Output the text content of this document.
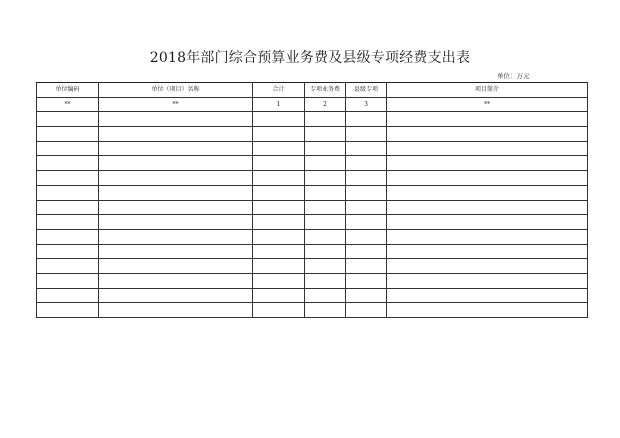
2018年部门综合预算业务费及县级专项经费支出表
单位：万元
单位编码	单位（项目）名称	合计	专项业务费	县级专项	项目简介
**	**	1	2	3	**
